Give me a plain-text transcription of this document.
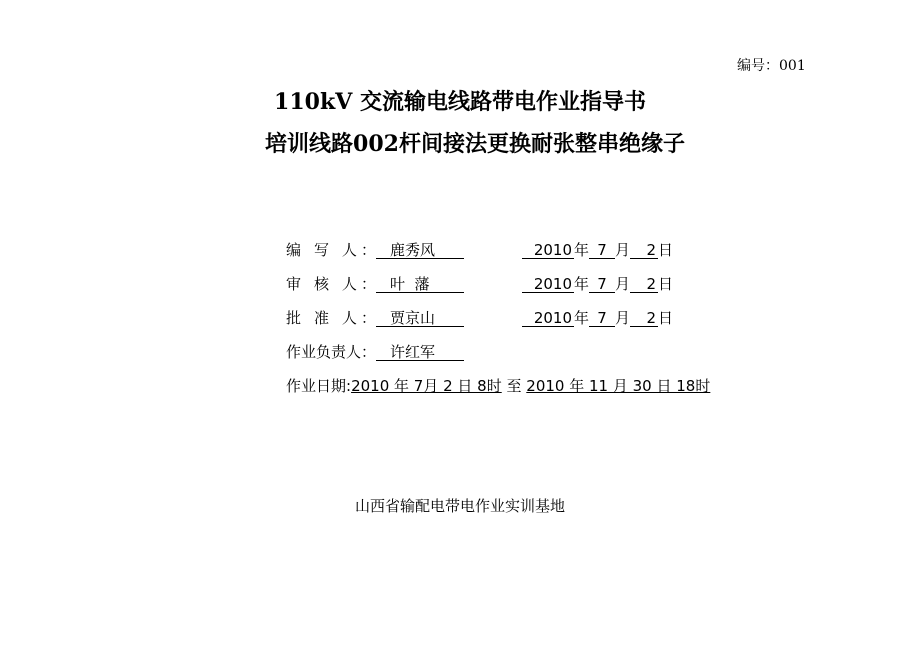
编号：001
110kV 交流输电线路带电作业指导书
培训线路002杆间接法更换耐张整串绝缘子
编 写 人： 鹿秀风	2010 年 7 月 2 日
审 核 人： 叶  藩	2010 年 7 月 2 日
批 准 人： 贾京山	2010 年 7 月 2 日
作业负责人： 许红军
作业日期:2010 年 7月 2 日 8时 至 2010 年 11 月 30 日 18时
山西省输配电带电作业实训基地
